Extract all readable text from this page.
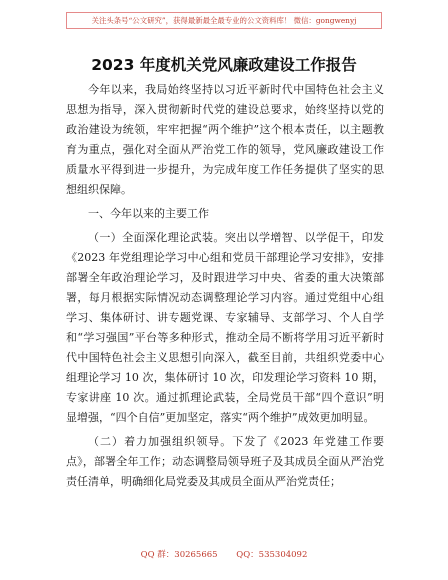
关注头条号“公文研究”，获得最新最全最专业的公文资料库！ 微信：gongwenyj
2023 年度机关党风廉政建设工作报告

今年以来，我局始终坚持以习近平新时代中国特色社会主义思想为指导，深入贯彻新时代党的建设总要求，始终坚持以党的政治建设为统领，牢牢把握“两个维护”这个根本责任，以主题教育为重点，强化对全面从严治党工作的领导，党风廉政建设工作质量水平得到进一步提升，为完成年度工作任务提供了坚实的思想组织保障。

一、今年以来的主要工作

（一）全面深化理论武装。突出以学增智、以学促干，印发《2023 年党组理论学习中心组和党员干部理论学习安排》，安排部署全年政治理论学习，及时跟进学习中央、省委的重大决策部署，每月根据实际情况动态调整理论学习内容。通过党组中心组学习、集体研讨、讲专题党课、专家辅导、支部学习、个人自学和“学习强国”平台等多种形式，推动全局不断将学用习近平新时代中国特色社会主义思想引向深入，截至目前，共组织党委中心组理论学习 10 次，集体研讨 10 次，印发理论学习资料 10 期，专家讲座 10 次。通过抓理论武装，全局党员干部“四个意识”明显增强，“四个自信”更加坚定，落实“两个维护”成效更加明显。

（二）着力加强组织领导。下发了《2023 年党建工作要点》，部署全年工作；动态调整局领导班子及其成员全面从严治党责任清单，明确细化局党委及其成员全面从严治党责任；

QQ 群：30265665 QQ：535304092
